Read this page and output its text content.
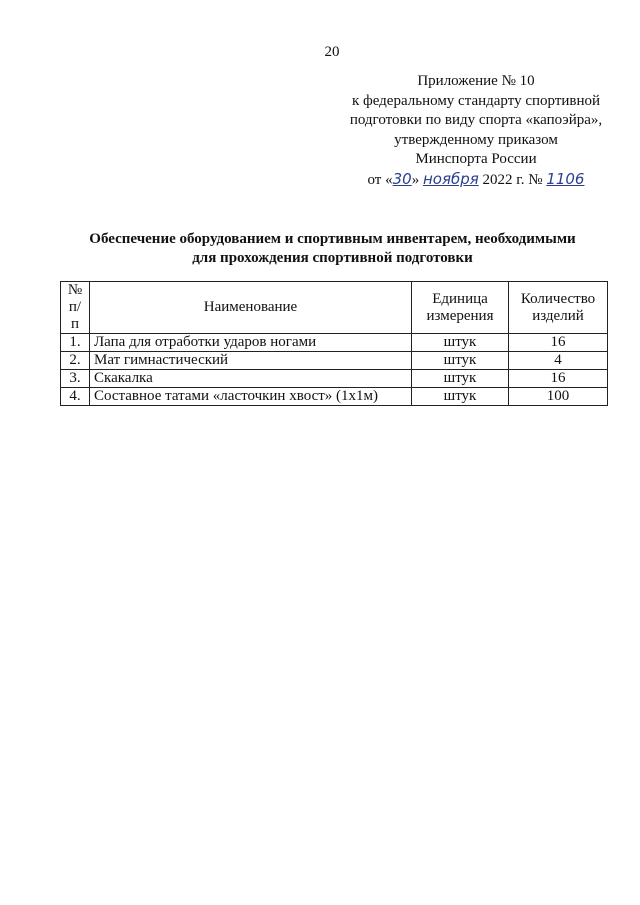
20
Приложение № 10
к федеральному стандарту спортивной
подготовки по виду спорта «капоэйра»,
утвержденному приказом
Минспорта России
от «30» ноября 2022 г. № 1106
Обеспечение оборудованием и спортивным инвентарем, необходимыми
для прохождения спортивной подготовки
№ п/п	Наименование	Единица измерения	Количество изделий
1.	Лапа для отработки ударов ногами	штук	16
2.	Мат гимнастический	штук	4
3.	Скакалка	штук	16
4.	Составное татами «ласточкин хвост» (1х1м)	штук	100
